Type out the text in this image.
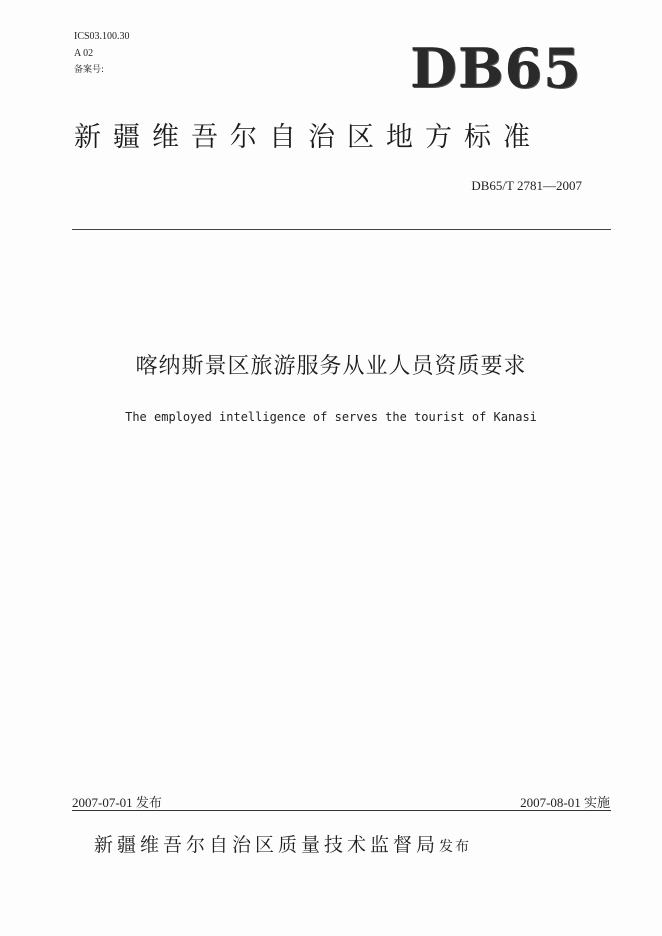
ICS03.100.30
A 02
备案号:	DB65
新疆维吾尔自治区地方标准
DB65/T 2781—2007
喀纳斯景区旅游服务从业人员资质要求
The employed intelligence of serves the tourist of Kanasi
2007-07-01 发布	2007-08-01 实施
新疆维吾尔自治区质量技术监督局发布
